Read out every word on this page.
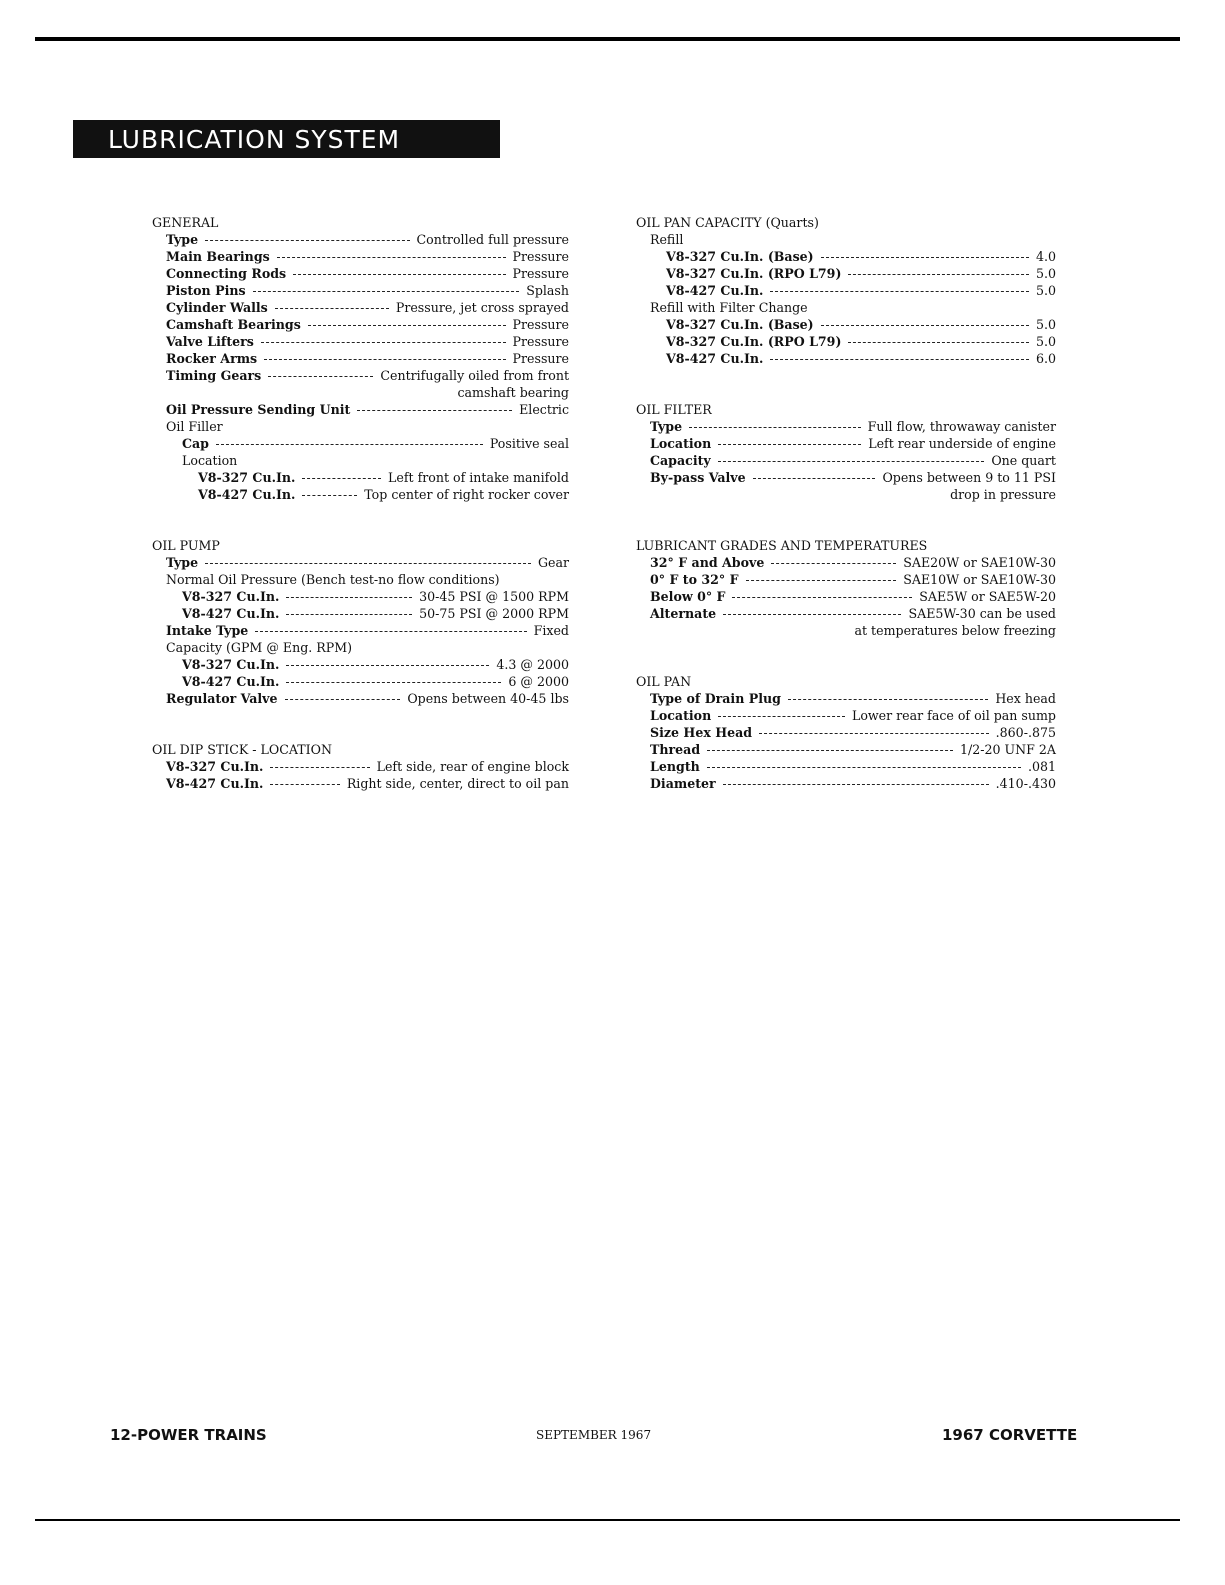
LUBRICATION SYSTEM
GENERAL
Type	Controlled full pressure
Main Bearings	Pressure
Connecting Rods	Pressure
Piston Pins	Splash
Cylinder Walls	Pressure, jet cross sprayed
Camshaft Bearings	Pressure
Valve Lifters	Pressure
Rocker Arms	Pressure
Timing Gears	Centrifugally oiled from front
camshaft bearing
Oil Pressure Sending Unit	Electric
Oil Filler
Cap	Positive seal
Location
V8-327 Cu.In.	Left front of intake manifold
V8-427 Cu.In.	Top center of right rocker cover
OIL PUMP
Type	Gear
Normal Oil Pressure (Bench test-no flow conditions)
V8-327 Cu.In.	30-45 PSI @ 1500 RPM
V8-427 Cu.In.	50-75 PSI @ 2000 RPM
Intake Type	Fixed
Capacity (GPM @ Eng. RPM)
V8-327 Cu.In.	4.3 @ 2000
V8-427 Cu.In.	6 @ 2000
Regulator Valve	Opens between 40-45 lbs
OIL DIP STICK - LOCATION
V8-327 Cu.In.	Left side, rear of engine block
V8-427 Cu.In.	Right side, center, direct to oil pan
OIL PAN CAPACITY (Quarts)
Refill
V8-327 Cu.In. (Base)	4.0
V8-327 Cu.In. (RPO L79)	5.0
V8-427 Cu.In.	5.0
Refill with Filter Change
V8-327 Cu.In. (Base)	5.0
V8-327 Cu.In. (RPO L79)	5.0
V8-427 Cu.In.	6.0
OIL FILTER
Type	Full flow, throwaway canister
Location	Left rear underside of engine
Capacity	One quart
By-pass Valve	Opens between 9 to 11 PSI
drop in pressure
LUBRICANT GRADES AND TEMPERATURES
32° F and Above	SAE20W or SAE10W-30
0° F to 32° F	SAE10W or SAE10W-30
Below 0° F	SAE5W or SAE5W-20
Alternate	SAE5W-30 can be used
at temperatures below freezing
OIL PAN
Type of Drain Plug	Hex head
Location	Lower rear face of oil pan sump
Size Hex Head	.860-.875
Thread	1/2-20 UNF 2A
Length	.081
Diameter	.410-.430
12-POWER TRAINS	SEPTEMBER 1967	1967 CORVETTE
